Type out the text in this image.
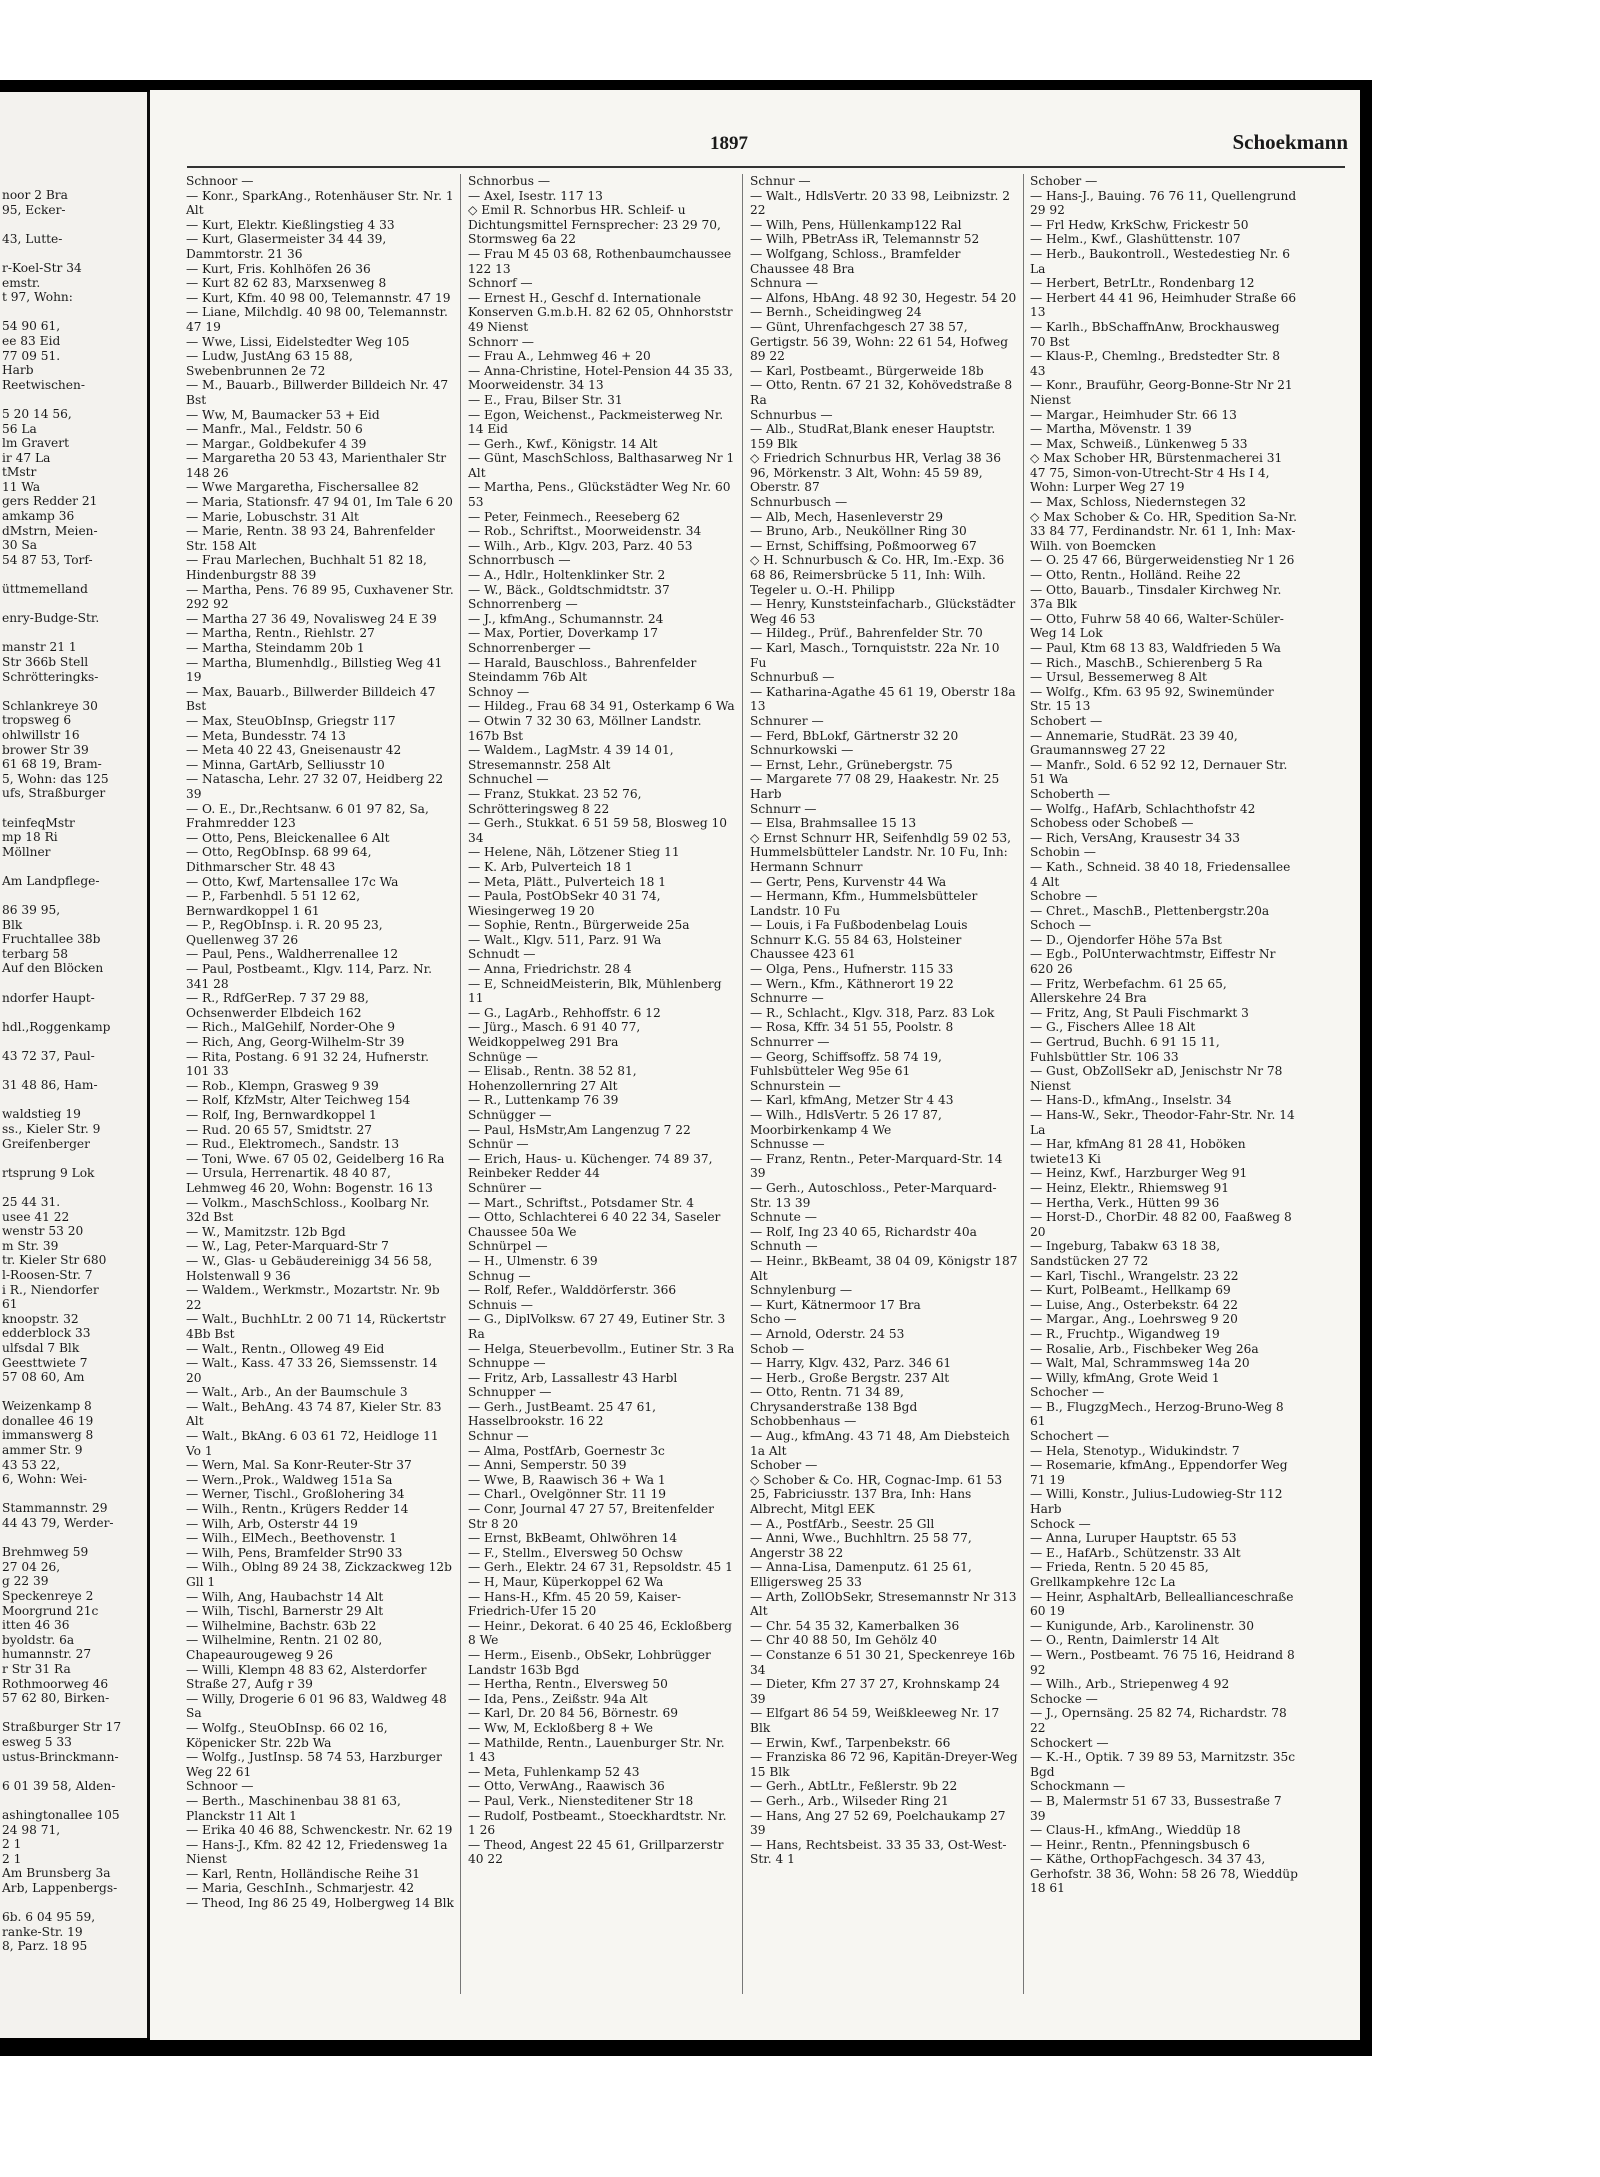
noor 2 Bra
95, Ecker-

43, Lutte-

r-Koel-Str 34
emstr.
t 97, Wohn:

54 90 61,
ee 83 Eid
77 09 51.
Harb
Reetwischen-

5 20 14 56,
56 La
lm Gravert
ir 47 La
tMstr
11 Wa
gers Redder 21
amkamp 36
dMstrn, Meien-
30 Sa
54 87 53, Torf-

üttmemelland

enry-Budge-Str.

manstr 21 1
Str 366b Stell
Schrötteringks-

Schlankreye 30
tropsweg 6
ohlwillstr 16
brower Str 39
61 68 19, Bram-
5, Wohn: das 125
ufs, Straßburger

teinfeqMstr
mp 18 Ri
Möllner

Am Landpflege-

86 39 95,
Blk
Fruchtallee 38b
terbarg 58
Auf den Blöcken

ndorfer Haupt-

hdl.,Roggenkamp

43 72 37, Paul-

31 48 86, Ham-

waldstieg 19
ss., Kieler Str. 9
Greifenberger

rtsprung 9 Lok

25 44 31.
usee 41 22
wenstr 53 20
m Str. 39
tr. Kieler Str 680
l-Roosen-Str. 7
i R., Niendorfer
61
knoopstr. 32
edderblock 33
ulfsdal 7 Blk
Geesttwiete 7
57 08 60, Am

Weizenkamp 8
donallee 46 19
immanswerg 8
ammer Str. 9
43 53 22,
6, Wohn: Wei-

Stammannstr. 29
44 43 79, Werder-

Brehmweg 59
27 04 26,
g 22 39
Speckenreye 2
Moorgrund 21c
itten 46 36
byoldstr. 6a
humannstr. 27
r Str 31 Ra
Rothmoorweg 46
57 62 80, Birken-

Straßburger Str 17
esweg 5 33
ustus-Brinckmann-

6 01 39 58, Alden-

ashingtonallee 105
24 98 71,
2 1
2 1
Am Brunsberg 3a
Arb, Lappenbergs-

6b. 6 04 95 59,
ranke-Str. 19
8, Parz. 18 95

1897	Schoekmann

Schnoor —
— Konr., SparkAng., Rotenhäuser Str. Nr. 1 Alt
— Kurt, Elektr. Kießlingstieg 4 33
— Kurt, Glasermeister 34 44 39, Dammtorstr. 21 36
— Kurt, Fris. Kohlhöfen 26 36
— Kurt 82 62 83, Marxsenweg 8
— Kurt, Kfm. 40 98 00, Telemannstr. 47 19
— Liane, Milchdlg. 40 98 00, Telemannstr. 47 19
— Wwe, Lissi, Eidelstedter Weg 105
— Ludw, JustAng 63 15 88, Swebenbrunnen 2e 72
— M., Bauarb., Billwerder Billdeich Nr. 47 Bst
— Ww, M, Baumacker 53 + Eid
— Manfr., Mal., Feldstr. 50 6
— Margar., Goldbekufer 4 39
— Margaretha 20 53 43, Marienthaler Str 148 26
— Wwe Margaretha, Fischersallee 82
— Maria, Stationsfr. 47 94 01, Im Tale 6 20
— Marie, Lobuschstr. 31 Alt
— Marie, Rentn. 38 93 24, Bahrenfelder Str. 158 Alt
— Frau Marlechen, Buchhalt 51 82 18, Hindenburgstr 88 39
— Martha, Pens. 76 89 95, Cuxhavener Str. 292 92
— Martha 27 36 49, Novalisweg 24 E 39
— Martha, Rentn., Riehlstr. 27
— Martha, Steindamm 20b 1
— Martha, Blumenhdlg., Billstieg Weg 41 19
— Max, Bauarb., Billwerder Billdeich 47 Bst
— Max, SteuObInsp, Griegstr 117
— Meta, Bundesstr. 74 13
— Meta 40 22 43, Gneisenaustr 42
— Minna, GartArb, Selliusstr 10
— Natascha, Lehr. 27 32 07, Heidberg 22 39
— O. E., Dr.,Rechtsanw. 6 01 97 82, Sa, Frahmredder 123
— Otto, Pens, Bleickenallee 6 Alt
— Otto, RegObInsp. 68 99 64, Dithmarscher Str. 48 43
— Otto, Kwf, Martensallee 17c Wa
— P., Farbenhdl. 5 51 12 62, Bernwardkoppel 1 61
— P., RegObInsp. i. R. 20 95 23, Quellenweg 37 26
— Paul, Pens., Waldherrenallee 12
— Paul, Postbeamt., Klgv. 114, Parz. Nr. 341 28
— R., RdfGerRep. 7 37 29 88, Ochsenwerder Elbdeich 162
— Rich., MalGehilf, Norder-Ohe 9
— Rich, Ang, Georg-Wilhelm-Str 39
— Rita, Postang. 6 91 32 24, Hufnerstr. 101 33
— Rob., Klempn, Grasweg 9 39
— Rolf, KfzMstr, Alter Teichweg 154
— Rolf, Ing, Bernwardkoppel 1
— Rud. 20 65 57, Smidtstr. 27
— Rud., Elektromech., Sandstr. 13
— Toni, Wwe. 67 05 02, Geidelberg 16 Ra
— Ursula, Herrenartik. 48 40 87, Lehmweg 46 20, Wohn: Bogenstr. 16 13
— Volkm., MaschSchloss., Koolbarg Nr. 32d Bst
— W., Mamitzstr. 12b Bgd
— W., Lag, Peter-Marquard-Str 7
— W., Glas- u Gebäudereinigg 34 56 58, Holstenwall 9 36
— Waldem., Werkmstr., Mozartstr. Nr. 9b 22
— Walt., BuchhLtr. 2 00 71 14, Rückertstr 4Bb Bst
— Walt., Rentn., Olloweg 49 Eid
— Walt., Kass. 47 33 26, Siemssenstr. 14 20
— Walt., Arb., An der Baumschule 3
— Walt., BehAng. 43 74 87, Kieler Str. 83 Alt
— Walt., BkAng. 6 03 61 72, Heidloge 11 Vo 1
— Wern, Mal. Sa Konr-Reuter-Str 37
— Wern.,Prok., Waldweg 151a Sa
— Werner, Tischl., Großlohering 34
— Wilh., Rentn., Krügers Redder 14
— Wilh, Arb, Osterstr 44 19
— Wilh., ElMech., Beethovenstr. 1
— Wilh, Pens, Bramfelder Str90 33
— Wilh., Oblng 89 24 38, Zickzackweg 12b Gll 1
— Wilh, Ang, Haubachstr 14 Alt
— Wilh, Tischl, Barnerstr 29 Alt
— Wilhelmine, Bachstr. 63b 22
— Wilhelmine, Rentn. 21 02 80, Chapeaurougeweg 9 26
— Willi, Klempn 48 83 62, Alsterdorfer Straße 27, Aufg r 39
— Willy, Drogerie 6 01 96 83, Waldweg 48 Sa
— Wolfg., SteuObInsp. 66 02 16, Köpenicker Str. 22b Wa
— Wolfg., JustInsp. 58 74 53, Harzburger Weg 22 61
Schnoor —
— Berth., Maschinenbau 38 81 63, Planckstr 11 Alt 1
— Erika 40 46 88, Schwenckestr. Nr. 62 19
— Hans-J., Kfm. 82 42 12, Friedensweg 1a Nienst
— Karl, Rentn, Holländische Reihe 31
— Maria, GeschInh., Schmarjestr. 42
— Theod, Ing 86 25 49, Holbergweg 14 Blk

Schnorbus —
— Axel, Isestr. 117 13
◇ Emil R. Schnorbus HR. Schleif- u Dichtungsmittel Fernsprecher: 23 29 70, Stormsweg 6a 22
— Frau M 45 03 68, Rothenbaumchaussee 122 13
Schnorf —
— Ernest H., Geschf d. Internationale Konserven G.m.b.H. 82 62 05, Ohnhorststr 49 Nienst
Schnorr —
— Frau A., Lehmweg 46 + 20
— Anna-Christine, Hotel-Pension 44 35 33, Moorweidenstr. 34 13
— E., Frau, Bilser Str. 31
— Egon, Weichenst., Packmeisterweg Nr. 14 Eid
— Gerh., Kwf., Königstr. 14 Alt
— Günt, MaschSchloss, Balthasarweg Nr 1 Alt
— Martha, Pens., Glückstädter Weg Nr. 60 53
— Peter, Feinmech., Reeseberg 62
— Rob., Schriftst., Moorweidenstr. 34
— Wilh., Arb., Klgv. 203, Parz. 40 53
Schnorrbusch —
— A., Hdlr., Holtenklinker Str. 2
— W., Bäck., Goldtschmidtstr. 37
Schnorrenberg —
— J., kfmAng., Schumannstr. 24
— Max, Portier, Doverkamp 17
Schnorrenberger —
— Harald, Bauschloss., Bahrenfelder Steindamm 76b Alt
Schnoy —
— Hildeg., Frau 68 34 91, Osterkamp 6 Wa
— Otwin 7 32 30 63, Möllner Landstr. 167b Bst
— Waldem., LagMstr. 4 39 14 01, Stresemannstr. 258 Alt
Schnuchel —
— Franz, Stukkat. 23 52 76, Schrötteringsweg 8 22
— Gerh., Stukkat. 6 51 59 58, Blosweg 10 34
— Helene, Näh, Lötzener Stieg 11
— K. Arb, Pulverteich 18 1
— Meta, Plätt., Pulverteich 18 1
— Paula, PostObSekr 40 31 74, Wiesingerweg 19 20
— Sophie, Rentn., Bürgerweide 25a
— Walt., Klgv. 511, Parz. 91 Wa
Schnudt —
— Anna, Friedrichstr. 28 4
— E, SchneidMeisterin, Blk, Mühlenberg 11
— G., LagArb., Rehhoffstr. 6 12
— Jürg., Masch. 6 91 40 77, Weidkoppelweg 291 Bra
Schnüge —
— Elisab., Rentn. 38 52 81, Hohenzollernring 27 Alt
— R., Luttenkamp 76 39
Schnügger —
— Paul, HsMstr,Am Langenzug 7 22
Schnür —
— Erich, Haus- u. Küchenger. 74 89 37, Reinbeker Redder 44
Schnürer —
— Mart., Schriftst., Potsdamer Str. 4
— Otto, Schlachterei 6 40 22 34, Saseler Chaussee 50a We
Schnürpel —
— H., Ulmenstr. 6 39
Schnug —
— Rolf, Refer., Walddörferstr. 366
Schnuis —
— G., DiplVolksw. 67 27 49, Eutiner Str. 3 Ra
— Helga, Steuerbevollm., Eutiner Str. 3 Ra
Schnuppe —
— Fritz, Arb, Lassallestr 43 Harbl
Schnupper —
— Gerh., JustBeamt. 25 47 61, Hasselbrookstr. 16 22
Schnur —
— Alma, PostfArb, Goernestr 3c
— Anni, Semperstr. 50 39
— Wwe, B, Raawisch 36 + Wa 1
— Charl., Ovelgönner Str. 11 19
— Conr, Journal 47 27 57, Breitenfelder Str 8 20
— Ernst, BkBeamt, Ohlwöhren 14
— F., Stellm., Elversweg 50 Ochsw
— Gerh., Elektr. 24 67 31, Repsoldstr. 45 1
— H, Maur, Küperkoppel 62 Wa
— Hans-H., Kfm. 45 20 59, Kaiser-Friedrich-Ufer 15 20
— Heinr., Dekorat. 6 40 25 46, Eckloßberg 8 We
— Herm., Eisenb., ObSekr, Lohbrügger Landstr 163b Bgd
— Hertha, Rentn., Elversweg 50
— Ida, Pens., Zeißstr. 94a Alt
— Karl, Dr. 20 84 56, Börnestr. 69
— Ww, M, Eckloßberg 8 + We
— Mathilde, Rentn., Lauenburger Str. Nr. 1 43
— Meta, Fuhlenkamp 52 43
— Otto, VerwAng., Raawisch 36
— Paul, Verk., Niensteditener Str 18
— Rudolf, Postbeamt., Stoeckhardtstr. Nr. 1 26
— Theod, Angest 22 45 61, Grillparzerstr 40 22

Schnur —
— Walt., HdlsVertr. 20 33 98, Leibnizstr. 2 22
— Wilh, Pens, Hüllenkamp122 Ral
— Wilh, PBetrAss iR, Telemannstr 52
— Wolfgang, Schloss., Bramfelder Chaussee 48 Bra
Schnura —
— Alfons, HbAng. 48 92 30, Hegestr. 54 20
— Bernh., Scheidingweg 24
— Günt, Uhrenfachgesch 27 38 57, Gertigstr. 56 39, Wohn: 22 61 54, Hofweg 89 22
— Karl, Postbeamt., Bürgerweide 18b
— Otto, Rentn. 67 21 32, Kohövedstraße 8 Ra
Schnurbus —
— Alb., StudRat,Blank eneser Hauptstr. 159 Blk
◇ Friedrich Schnurbus HR, Verlag 38 36 96, Mörkenstr. 3 Alt, Wohn: 45 59 89, Oberstr. 87
Schnurbusch —
— Alb, Mech, Hasenleverstr 29
— Bruno, Arb., Neuköllner Ring 30
— Ernst, Schiffsing, Poßmoorweg 67
◇ H. Schnurbusch & Co. HR, Im.-Exp. 36 68 86, Reimersbrücke 5 11, Inh: Wilh. Tegeler u. O.-H. Philipp
— Henry, Kunststeinfacharb., Glückstädter Weg 46 53
— Hildeg., Prüf., Bahrenfelder Str. 70
— Karl, Masch., Tornquiststr. 22a Nr. 10 Fu
Schnurbuß —
— Katharina-Agathe 45 61 19, Oberstr 18a 13
Schnurer —
— Ferd, BbLokf, Gärtnerstr 32 20
Schnurkowski —
— Ernst, Lehr., Grünebergstr. 75
— Margarete 77 08 29, Haakestr. Nr. 25 Harb
Schnurr —
— Elsa, Brahmsallee 15 13
◇ Ernst Schnurr HR, Seifenhdlg 59 02 53, Hummelsbütteler Landstr. Nr. 10 Fu, Inh: Hermann Schnurr
— Gertr, Pens, Kurvenstr 44 Wa
— Hermann, Kfm., Hummelsbütteler Landstr. 10 Fu
— Louis, i Fa Fußbodenbelag Louis Schnurr K.G. 55 84 63, Holsteiner Chaussee 423 61
— Olga, Pens., Hufnerstr. 115 33
— Wern., Kfm., Käthnerort 19 22
Schnurre —
— R., Schlacht., Klgv. 318, Parz. 83 Lok
— Rosa, Kffr. 34 51 55, Poolstr. 8
Schnurrer —
— Georg, Schiffsoffz. 58 74 19, Fuhlsbütteler Weg 95e 61
Schnurstein —
— Karl, kfmAng, Metzer Str 4 43
— Wilh., HdlsVertr. 5 26 17 87, Moorbirkenkamp 4 We
Schnusse —
— Franz, Rentn., Peter-Marquard-Str. 14 39
— Gerh., Autoschloss., Peter-Marquard-Str. 13 39
Schnute —
— Rolf, Ing 23 40 65, Richardstr 40a
Schnuth —
— Heinr., BkBeamt, 38 04 09, Königstr 187 Alt
Schnylenburg —
— Kurt, Kätnermoor 17 Bra
Scho —
— Arnold, Oderstr. 24 53
Schob —
— Harry, Klgv. 432, Parz. 346 61
— Herb., Große Bergstr. 237 Alt
— Otto, Rentn. 71 34 89, Chrysanderstraße 138 Bgd
Schobbenhaus —
— Aug., kfmAng. 43 71 48, Am Diebsteich 1a Alt
Schober —
◇ Schober & Co. HR, Cognac-Imp. 61 53 25, Fabriciusstr. 137 Bra, Inh: Hans Albrecht, Mitgl EEK
— A., PostfArb., Seestr. 25 Gll
— Anni, Wwe., Buchhltrn. 25 58 77, Angerstr 38 22
— Anna-Lisa, Damenputz. 61 25 61, Elligersweg 25 33
— Arth, ZollObSekr, Stresemannstr Nr 313 Alt
— Chr. 54 35 32, Kamerbalken 36
— Chr 40 88 50, Im Gehölz 40
— Constanze 6 51 30 21, Speckenreye 16b 34
— Dieter, Kfm 27 37 27, Krohnskamp 24 39
— Elfgart 86 54 59, Weißkleeweg Nr. 17 Blk
— Erwin, Kwf., Tarpenbekstr. 66
— Franziska 86 72 96, Kapitän-Dreyer-Weg 15 Blk
— Gerh., AbtLtr., Feßlerstr. 9b 22
— Gerh., Arb., Wilseder Ring 21
— Hans, Ang 27 52 69, Poelchaukamp 27 39
— Hans, Rechtsbeist. 33 35 33, Ost-West-Str. 4 1

Schober —
— Hans-J., Bauing. 76 76 11, Quellengrund 29 92
— Frl Hedw, KrkSchw, Frickestr 50
— Helm., Kwf., Glashüttenstr. 107
— Herb., Baukontroll., Westedestieg Nr. 6 La
— Herbert, BetrLtr., Rondenbarg 12
— Herbert 44 41 96, Heimhuder Straße 66 13
— Karlh., BbSchaffnAnw, Brockhausweg 70 Bst
— Klaus-P., Chemlng., Bredstedter Str. 8 43
— Konr., Brauführ, Georg-Bonne-Str Nr 21 Nienst
— Margar., Heimhuder Str. 66 13
— Martha, Mövenstr. 1 39
— Max, Schweiß., Lünkenweg 5 33
◇ Max Schober HR, Bürstenmacherei 31 47 75, Simon-von-Utrecht-Str 4 Hs I 4, Wohn: Lurper Weg 27 19
— Max, Schloss, Niedernstegen 32
◇ Max Schober & Co. HR, Spedition Sa-Nr. 33 84 77, Ferdinandstr. Nr. 61 1, Inh: Max-Wilh. von Boemcken
— O. 25 47 66, Bürgerweidenstieg Nr 1 26
— Otto, Rentn., Holländ. Reihe 22
— Otto, Bauarb., Tinsdaler Kirchweg Nr. 37a Blk
— Otto, Fuhrw 58 40 66, Walter-Schüler-Weg 14 Lok
— Paul, Ktm 68 13 83, Waldfrieden 5 Wa
— Rich., MaschB., Schierenberg 5 Ra
— Ursul, Bessemerweg 8 Alt
— Wolfg., Kfm. 63 95 92, Swinemünder Str. 15 13
Schobert —
— Annemarie, StudRät. 23 39 40, Graumannsweg 27 22
— Manfr., Sold. 6 52 92 12, Dernauer Str. 51 Wa
Schoberth —
— Wolfg., HafArb, Schlachthofstr 42
Schobess oder Schobeß —
— Rich, VersAng, Krausestr 34 33
Schobin —
— Kath., Schneid. 38 40 18, Friedensallee 4 Alt
Schobre —
— Chret., MaschB., Plettenbergstr.20a
Schoch —
— D., Ojendorfer Höhe 57a Bst
— Egb., PolUnterwachtmstr, Eiffestr Nr 620 26
— Fritz, Werbefachm. 61 25 65, Allerskehre 24 Bra
— Fritz, Ang, St Pauli Fischmarkt 3
— G., Fischers Allee 18 Alt
— Gertrud, Buchh. 6 91 15 11, Fuhlsbüttler Str. 106 33
— Gust, ObZollSekr aD, Jenischstr Nr 78 Nienst
— Hans-D., kfmAng., Inselstr. 34
— Hans-W., Sekr., Theodor-Fahr-Str. Nr. 14 La
— Har, kfmAng 81 28 41, Hoböken twiete13 Ki
— Heinz, Kwf., Harzburger Weg 91
— Heinz, Elektr., Rhiemsweg 91
— Hertha, Verk., Hütten 99 36
— Horst-D., ChorDir. 48 82 00, Faaßweg 8 20
— Ingeburg, Tabakw 63 18 38, Sandstücken 27 72
— Karl, Tischl., Wrangelstr. 23 22
— Kurt, PolBeamt., Hellkamp 69
— Luise, Ang., Osterbekstr. 64 22
— Margar., Ang., Loehrsweg 9 20
— R., Fruchtp., Wigandweg 19
— Rosalie, Arb., Fischbeker Weg 26a
— Walt, Mal, Schrammsweg 14a 20
— Willy, kfmAng, Grote Weid 1
Schocher —
— B., FlugzgMech., Herzog-Bruno-Weg 8 61
Schochert —
— Hela, Stenotyp., Widukindstr. 7
— Rosemarie, kfmAng., Eppendorfer Weg 71 19
— Willi, Konstr., Julius-Ludowieg-Str 112 Harb
Schock —
— Anna, Luruper Hauptstr. 65 53
— E., HafArb., Schützenstr. 33 Alt
— Frieda, Rentn. 5 20 45 85, Grellkampkehre 12c La
— Heinr, AsphaltArb, Belleallianceschraße 60 19
— Kunigunde, Arb., Karolinenstr. 30
— O., Rentn, Daimlerstr 14 Alt
— Wern., Postbeamt. 76 75 16, Heidrand 8 92
— Wilh., Arb., Striepenweg 4 92
Schocke —
— J., Opernsäng. 25 82 74, Richardstr. 78 22
Schockert —
— K.-H., Optik. 7 39 89 53, Marnitzstr. 35c Bgd
Schockmann —
— B, Malermstr 51 67 33, Bussestraße 7 39
— Claus-H., kfmAng., Wieddüp 18
— Heinr., Rentn., Pfenningsbusch 6
— Käthe, OrthopFachgesch. 34 37 43, Gerhofstr. 38 36, Wohn: 58 26 78, Wieddüp 18 61
